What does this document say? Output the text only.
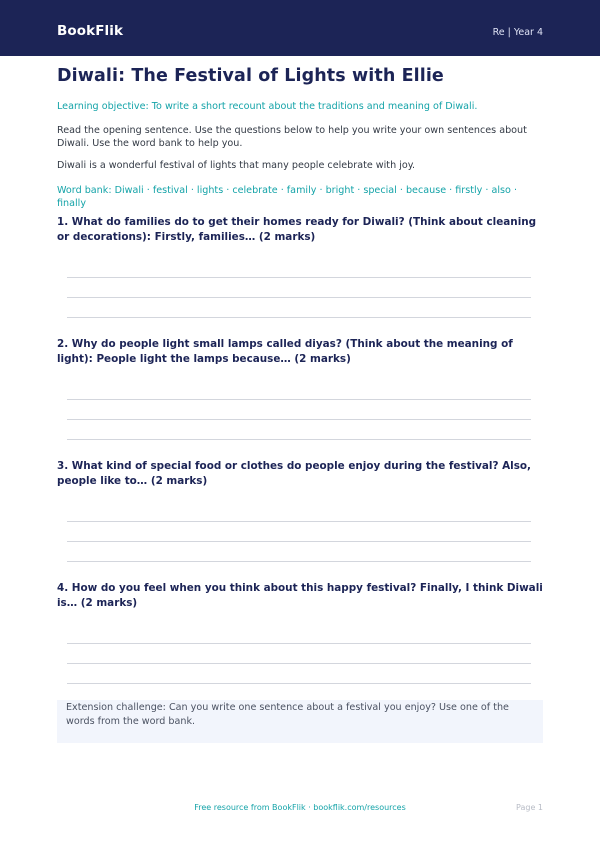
BookFlik	Re | Year 4
Diwali: The Festival of Lights with Ellie
Learning objective: To write a short recount about the traditions and meaning of Diwali.
Read the opening sentence. Use the questions below to help you write your own sentences about Diwali. Use the word bank to help you.
Diwali is a wonderful festival of lights that many people celebrate with joy.
Word bank: Diwali · festival · lights · celebrate · family · bright · special · because · firstly · also · finally
1. What do families do to get their homes ready for Diwali? (Think about cleaning or decorations): Firstly, families… (2 marks)
2. Why do people light small lamps called diyas? (Think about the meaning of light): People light the lamps because… (2 marks)
3. What kind of special food or clothes do people enjoy during the festival? Also, people like to… (2 marks)
4. How do you feel when you think about this happy festival? Finally, I think Diwali is… (2 marks)
Extension challenge: Can you write one sentence about a festival you enjoy? Use one of the words from the word bank.
Free resource from BookFlik · bookflik.com/resources	Page 1
